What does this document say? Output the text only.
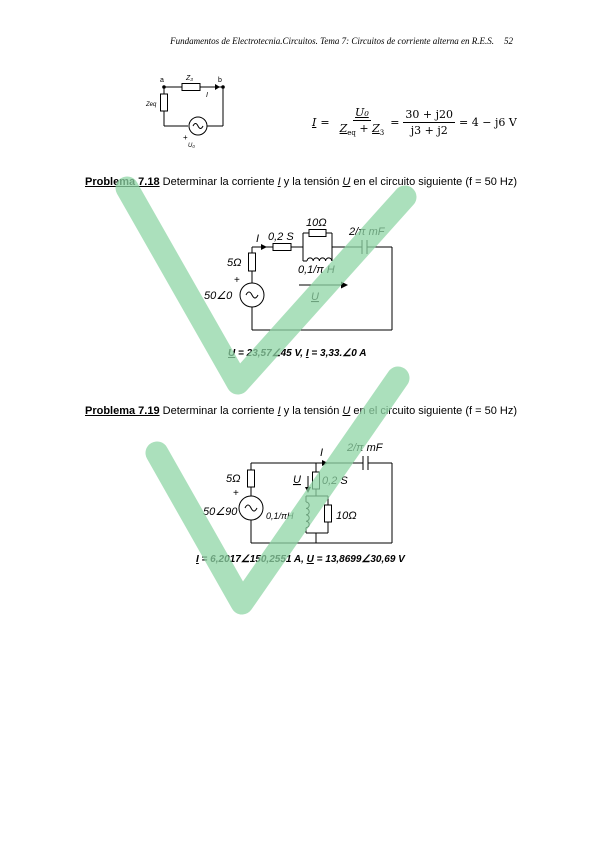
Fundamentos de Electrotecnia.Circuitos. Tema 7: Circuitos de corriente alterna en R.E.S. 52
a	b
Z₃
I
Zeq
+
U₀
$I = \frac{\text{U₀}}{Z_{eq} + Z_3} = \frac{30 + j20}{j3 + j2} = 4 - j6$ V
Problema 7.18 Determinar la corriente I y la tensión U en el circuito siguiente (f = 50 Hz)
I 0,2 S
10Ω
0,1/π H
2/π mF
5Ω
+
50∠0	U
U = 23,57∠45 V, I = 3,33.∠0 A
Problema 7.19 Determinar la corriente I y la tensión U en el circuito siguiente (f = 50 Hz)
I 2/π mF
5Ω	U 0,2 S
+
50∠90	0,1/πH	10Ω
I = 6,2017∠150,2551 A, U = 13,8699∠30,69 V
